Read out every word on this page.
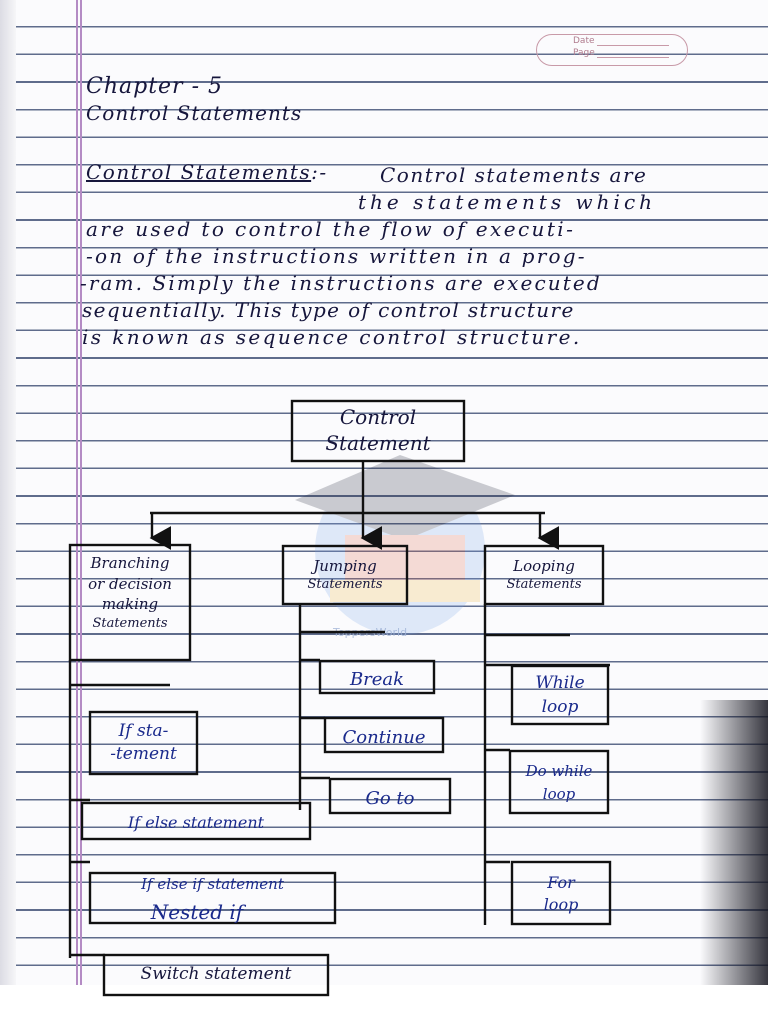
Date
Page
ToppersWorld
Chapter - 5
Control Statements
Control Statements:-	Control statements are
the statements which
are used to control the flow of executi-
-on of the instructions written in a prog-
-ram. Simply the instructions are executed
sequentially. This type of control structure
is known as sequence control structure.
Control
Statement
Branching
or decision
making
Statements
Jumping
Statements
Looping
Statements
If sta-
-tement
If else statement
If else if statement
Nested if
Switch statement
Break
Continue
Go to
While
loop
Do while
loop
For
loop
